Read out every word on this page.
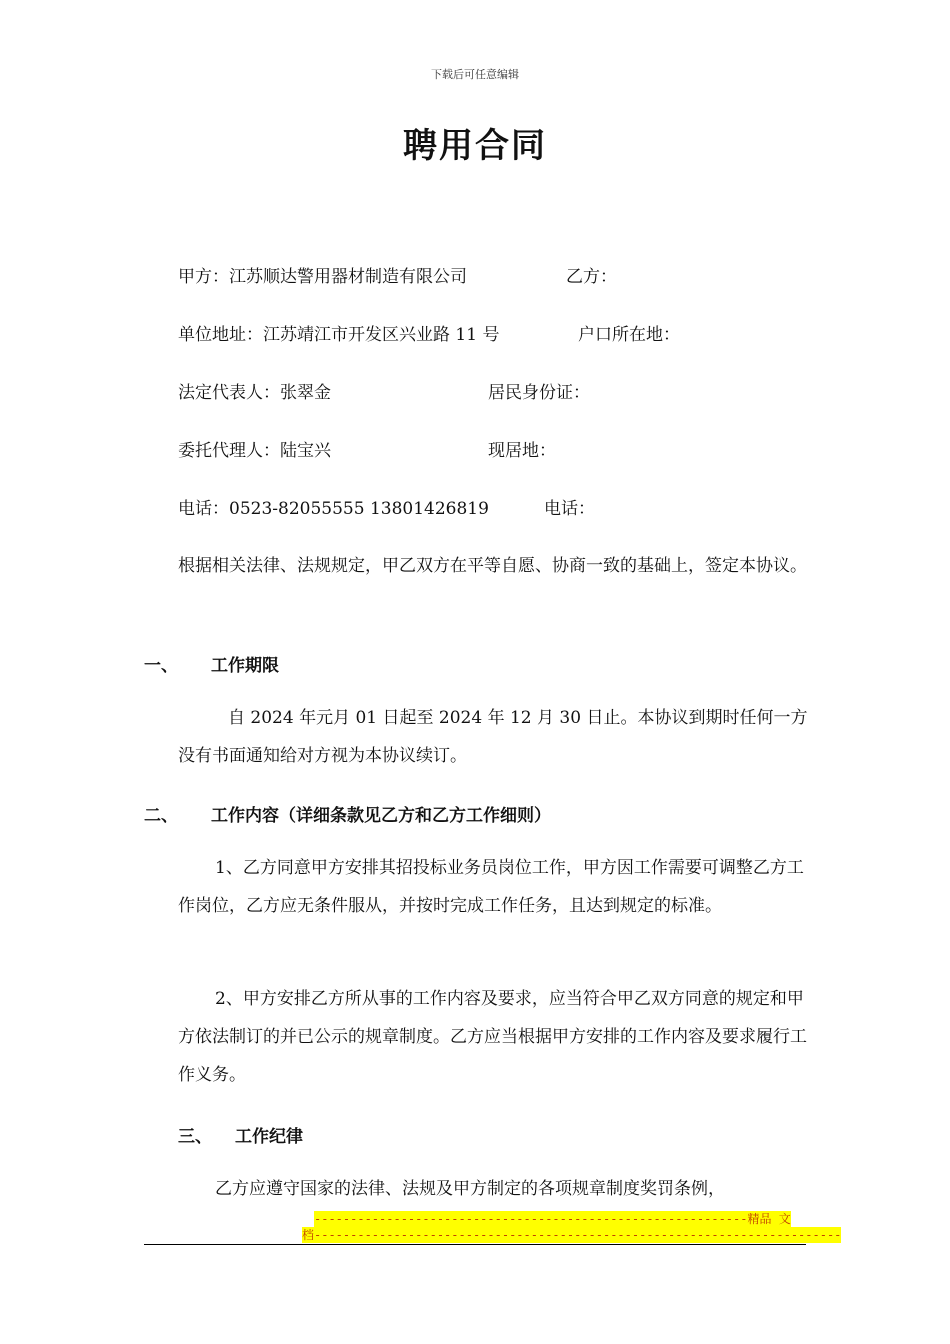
下载后可任意编辑
聘用合同
甲方：江苏顺达警用器材制造有限公司	乙方：
单位地址：江苏靖江市开发区兴业路 11 号	户口所在地：
法定代表人：张翠金	居民身份证：
委托代理人：陆宝兴	现居地：
电话：0523-82055555 13801426819	电话：
根据相关法律、法规规定，甲乙双方在平等自愿、协商一致的基础上，签定本协议。
一、 工作期限
自 2024 年元月 01 日起至 2024 年 12 月 30 日止。本协议到期时任何一方没有书面通知给对方视为本协议续订。
二、 工作内容（详细条款见乙方和乙方工作细则）
1、乙方同意甲方安排其招投标业务员岗位工作，甲方因工作需要可调整乙方工作岗位，乙方应无条件服从，并按时完成工作任务，且达到规定的标准。
2、甲方安排乙方所从事的工作内容及要求，应当符合甲乙双方同意的规定和甲方依法制订的并已公示的规章制度。乙方应当根据甲方安排的工作内容及要求履行工作义务。
三、 工作纪律
乙方应遵守国家的法律、法规及甲方制定的各项规章制度奖罚条例，
------------------------------------------------------------精品 文
档-------------------------------------------------------------------------
